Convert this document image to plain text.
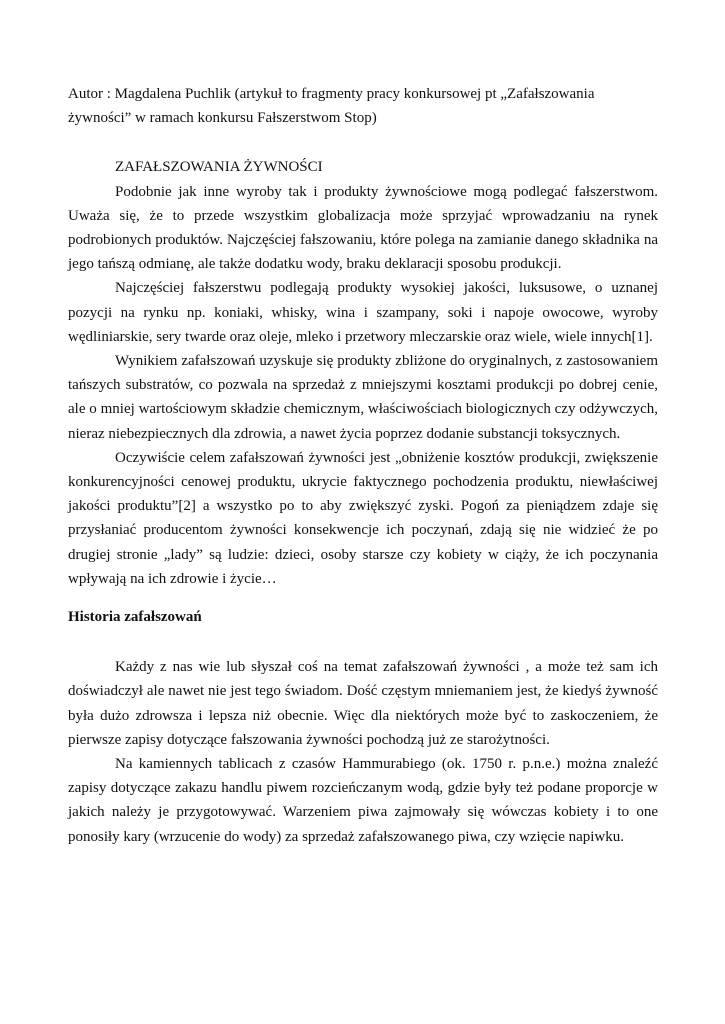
Autor : Magdalena Puchlik (artykuł to fragmenty pracy konkursowej pt „Zafałszowania żywności” w ramach konkursu Fałszerstwom Stop)

ZAFAŁSZOWANIA ŻYWNOŚCI

Podobnie jak inne wyroby tak i produkty żywnościowe mogą podlegać fałszerstwom. Uważa się, że to przede wszystkim globalizacja może sprzyjać wprowadzaniu na rynek podrobionych produktów. Najczęściej fałszowaniu, które polega na zamianie danego składnika na jego tańszą odmianę, ale także dodatku wody, braku deklaracji sposobu produkcji.

Najczęściej fałszerstwu podlegają produkty wysokiej jakości, luksusowe, o uznanej pozycji na rynku np. koniaki, whisky, wina i szampany, soki i napoje owocowe, wyroby wędliniarskie, sery twarde oraz oleje, mleko i przetwory mleczarskie oraz wiele, wiele innych[1].

Wynikiem zafałszowań uzyskuje się produkty zbliżone do oryginalnych, z zastosowaniem tańszych substratów, co pozwala na sprzedaż z mniejszymi kosztami produkcji po dobrej cenie, ale o mniej wartościowym składzie chemicznym, właściwościach biologicznych czy odżywczych, nieraz niebezpiecznych dla zdrowia, a nawet życia poprzez dodanie substancji toksycznych.

Oczywiście celem zafałszowań żywności jest „obniżenie kosztów produkcji, zwiększenie konkurencyjności cenowej produktu, ukrycie faktycznego pochodzenia produktu, niewłaściwej jakości produktu”[2] a wszystko po to aby zwiększyć zyski. Pogoń za pieniądzem zdaje się przysłaniać producentom żywności konsekwencje ich poczynań, zdają się nie widzieć że po drugiej stronie „lady” są ludzie: dzieci, osoby starsze czy kobiety w ciąży, że ich poczynania wpływają na ich zdrowie i życie…

Historia zafałszowań

Każdy z nas wie lub słyszał coś na temat zafałszowań żywności , a może też sam ich doświadczył ale nawet nie jest tego świadom. Dość częstym mniemaniem jest, że kiedyś żywność była dużo zdrowsza i lepsza niż obecnie. Więc dla niektórych może być to zaskoczeniem, że pierwsze zapisy dotyczące fałszowania żywności pochodzą już ze starożytności.

Na kamiennych tablicach z czasów Hammurabiego (ok. 1750 r. p.n.e.) można znaleźć zapisy dotyczące zakazu handlu piwem rozcieńczanym wodą, gdzie były też podane proporcje w jakich należy je przygotowywać. Warzeniem piwa zajmowały się wówczas kobiety i to one ponosiły kary (wrzucenie do wody) za sprzedaż zafałszowanego piwa, czy wzięcie napiwku.
